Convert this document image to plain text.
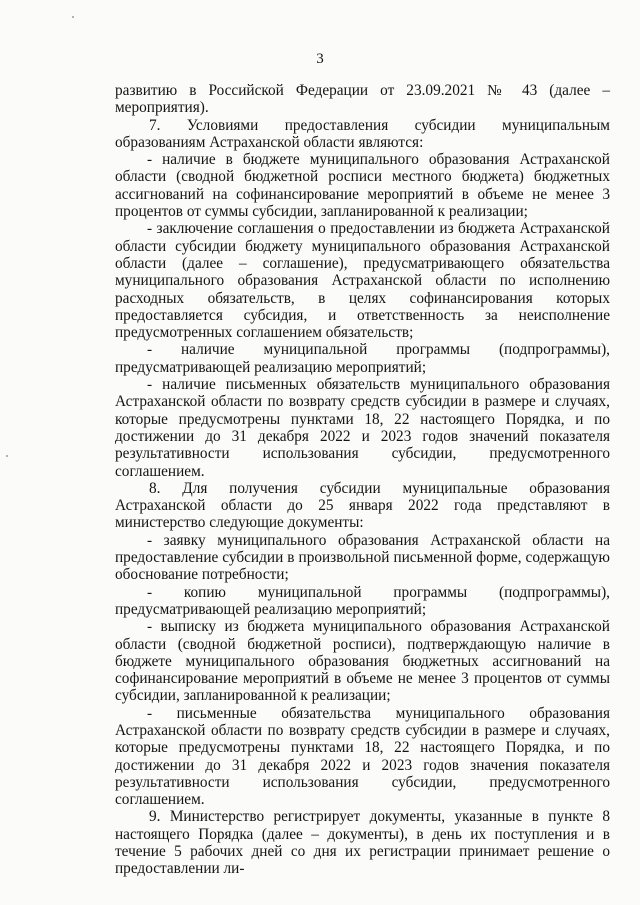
3

развитию в Российской Федерации от 23.09.2021 № 43 (далее – мероприятия).

7. Условиями предоставления субсидии муниципальным образованиям Астраханской области являются:

- наличие в бюджете муниципального образования Астраханской области (сводной бюджетной росписи местного бюджета) бюджетных ассигнований на софинансирование мероприятий в объеме не менее 3 процентов от суммы субсидии, запланированной к реализации;

- заключение соглашения о предоставлении из бюджета Астраханской области субсидии бюджету муниципального образования Астраханской области (далее – соглашение), предусматривающего обязательства муниципального образования Астраханской области по исполнению расходных обязательств, в целях софинансирования которых предоставляется субсидия, и ответственность за неисполнение предусмотренных соглашением обязательств;

- наличие муниципальной программы (подпрограммы), предусматривающей реализацию мероприятий;

- наличие письменных обязательств муниципального образования Астраханской области по возврату средств субсидии в размере и случаях, которые предусмотрены пунктами 18, 22 настоящего Порядка, и по достижении до 31 декабря 2022 и 2023 годов значений показателя результативности использования субсидии, предусмотренного соглашением.

8. Для получения субсидии муниципальные образования Астраханской области до 25 января 2022 года представляют в министерство следующие документы:

- заявку муниципального образования Астраханской области на предоставление субсидии в произвольной письменной форме, содержащую обоснование потребности;

- копию муниципальной программы (подпрограммы), предусматривающей реализацию мероприятий;

- выписку из бюджета муниципального образования Астраханской области (сводной бюджетной росписи), подтверждающую наличие в бюджете муниципального образования бюджетных ассигнований на софинансирование мероприятий в объеме не менее 3 процентов от суммы субсидии, запланированной к реализации;

- письменные обязательства муниципального образования Астраханской области по возврату средств субсидии в размере и случаях, которые предусмотрены пунктами 18, 22 настоящего Порядка, и по достижении до 31 декабря 2022 и 2023 годов значения показателя результативности использования субсидии, предусмотренного соглашением.

9. Министерство регистрирует документы, указанные в пункте 8 настоящего Порядка (далее – документы), в день их поступления и в течение 5 рабочих дней со дня их регистрации принимает решение о предоставлении ли-
